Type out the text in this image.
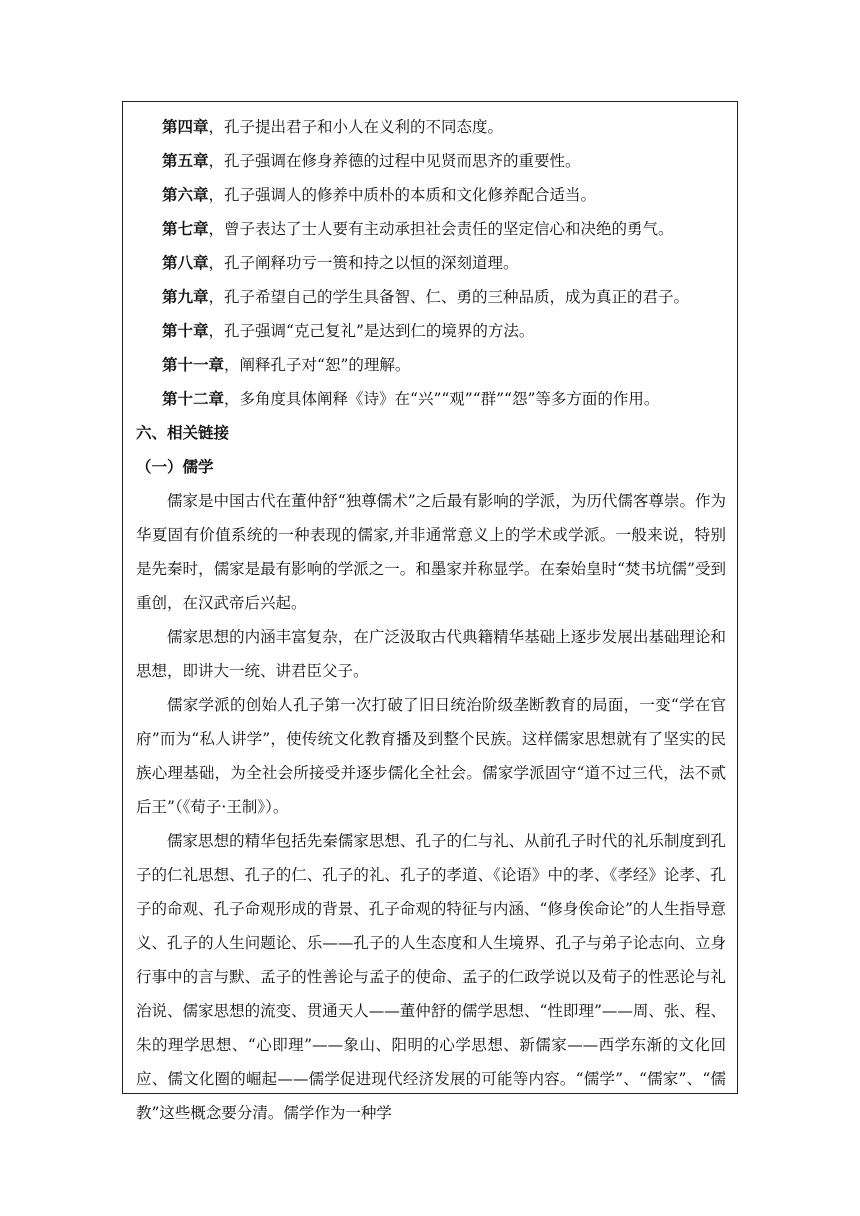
第四章，孔子提出君子和小人在义利的不同态度。
第五章，孔子强调在修身养德的过程中见贤而思齐的重要性。
第六章，孔子强调人的修养中质朴的本质和文化修养配合适当。
第七章，曾子表达了士人要有主动承担社会责任的坚定信心和决绝的勇气。
第八章，孔子阐释功亏一篑和持之以恒的深刻道理。
第九章，孔子希望自己的学生具备智、仁、勇的三种品质，成为真正的君子。
第十章，孔子强调“克己复礼”是达到仁的境界的方法。
第十一章，阐释孔子对“恕”的理解。
第十二章，多角度具体阐释《诗》在“兴”“观”“群”“怨”等多方面的作用。
六、相关链接
（一）儒学

儒家是中国古代在董仲舒“独尊儒术”之后最有影响的学派，为历代儒客尊崇。作为华夏固有价值系统的一种表现的儒家,并非通常意义上的学术或学派。一般来说，特别是先秦时，儒家是最有影响的学派之一。和墨家并称显学。在秦始皇时“焚书坑儒”受到重创，在汉武帝后兴起。

儒家思想的内涵丰富复杂，在广泛汲取古代典籍精华基础上逐步发展出基础理论和思想，即讲大一统、讲君臣父子。

儒家学派的创始人孔子第一次打破了旧日统治阶级垄断教育的局面，一变“学在官府”而为“私人讲学”，使传统文化教育播及到整个民族。这样儒家思想就有了坚实的民族心理基础，为全社会所接受并逐步儒化全社会。儒家学派固守“道不过三代，法不贰后王”（《荀子·王制》）。

儒家思想的精华包括先秦儒家思想、孔子的仁与礼、从前孔子时代的礼乐制度到孔子的仁礼思想、孔子的仁、孔子的礼、孔子的孝道、《论语》中的孝、《孝经》论孝、孔子的命观、孔子命观形成的背景、孔子命观的特征与内涵、“修身俟命论”的人生指导意义、孔子的人生问题论、乐——孔子的人生态度和人生境界、孔子与弟子论志向、立身行事中的言与默、孟子的性善论与孟子的使命、孟子的仁政学说以及荀子的性恶论与礼治说、儒家思想的流变、贯通天人——董仲舒的儒学思想、“性即理”——周、张、程、朱的理学思想、“心即理”——象山、阳明的心学思想、新儒家——西学东渐的文化回应、儒文化圈的崛起——儒学促进现代经济发展的可能等内容。“儒学”、“儒家”、“儒教”这些概念要分清。儒学作为一种学
